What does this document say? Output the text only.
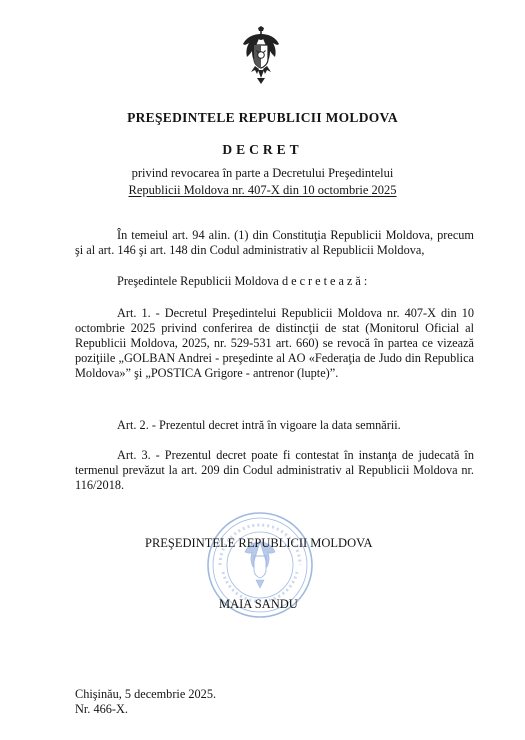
PREŞEDINTELE REPUBLICII MOLDOVA
DECRET
privind revocarea în parte a Decretului Preşedintelui
Republicii Moldova nr. 407-X din 10 octombrie 2025
În temeiul art. 94 alin. (1) din Constituţia Republicii Moldova, precum şi al art. 146 şi art. 148 din Codul administrativ al Republicii Moldova,
Preşedintele Republicii Moldova decretează:
Art. 1. - Decretul Preşedintelui Republicii Moldova nr. 407-X din 10 octombrie 2025 privind conferirea de distincţii de stat (Monitorul Oficial al Republicii Moldova, 2025, nr. 529-531 art. 660) se revocă în partea ce vizează poziţiile „GOLBAN Andrei - preşedinte al AO «Federaţia de Judo din Republica Moldova»” şi „POSTICA Grigore - antrenor (lupte)”.
Art. 2. - Prezentul decret intră în vigoare la data semnării.
Art. 3. - Prezentul decret poate fi contestat în instanţa de judecată în termenul prevăzut la art. 209 din Codul administrativ al Republicii Moldova nr. 116/2018.
PREŞEDINTELE REPUBLICII MOLDOVA
MAIA SANDU
Chişinău, 5 decembrie 2025.
Nr. 466-X.
